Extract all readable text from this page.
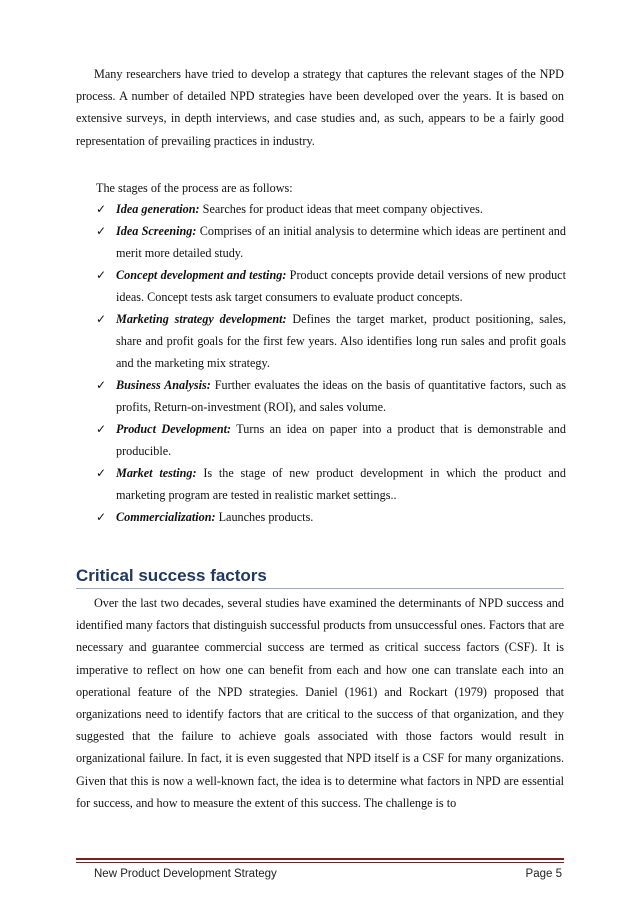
Many researchers have tried to develop a strategy that captures the relevant stages of the NPD process. A number of detailed NPD strategies have been developed over the years. It is based on extensive surveys, in depth interviews, and case studies and, as such, appears to be a fairly good representation of prevailing practices in industry.

The stages of the process are as follows:
✓ Idea generation: Searches for product ideas that meet company objectives.
✓ Idea Screening: Comprises of an initial analysis to determine which ideas are pertinent and merit more detailed study.
✓ Concept development and testing: Product concepts provide detail versions of new product ideas. Concept tests ask target consumers to evaluate product concepts.
✓ Marketing strategy development: Defines the target market, product positioning, sales, share and profit goals for the first few years. Also identifies long run sales and profit goals and the marketing mix strategy.
✓ Business Analysis: Further evaluates the ideas on the basis of quantitative factors, such as profits, Return-on-investment (ROI), and sales volume.
✓ Product Development: Turns an idea on paper into a product that is demonstrable and producible.
✓ Market testing: Is the stage of new product development in which the product and marketing program are tested in realistic market settings..
✓ Commercialization: Launches products.
Critical success factors

Over the last two decades, several studies have examined the determinants of NPD success and identified many factors that distinguish successful products from unsuccessful ones. Factors that are necessary and guarantee commercial success are termed as critical success factors (CSF). It is imperative to reflect on how one can benefit from each and how one can translate each into an operational feature of the NPD strategies. Daniel (1961) and Rockart (1979) proposed that organizations need to identify factors that are critical to the success of that organization, and they suggested that the failure to achieve goals associated with those factors would result in organizational failure. In fact, it is even suggested that NPD itself is a CSF for many organizations. Given that this is now a well-known fact, the idea is to determine what factors in NPD are essential for success, and how to measure the extent of this success. The challenge is to

New Product Development Strategy	Page 5
